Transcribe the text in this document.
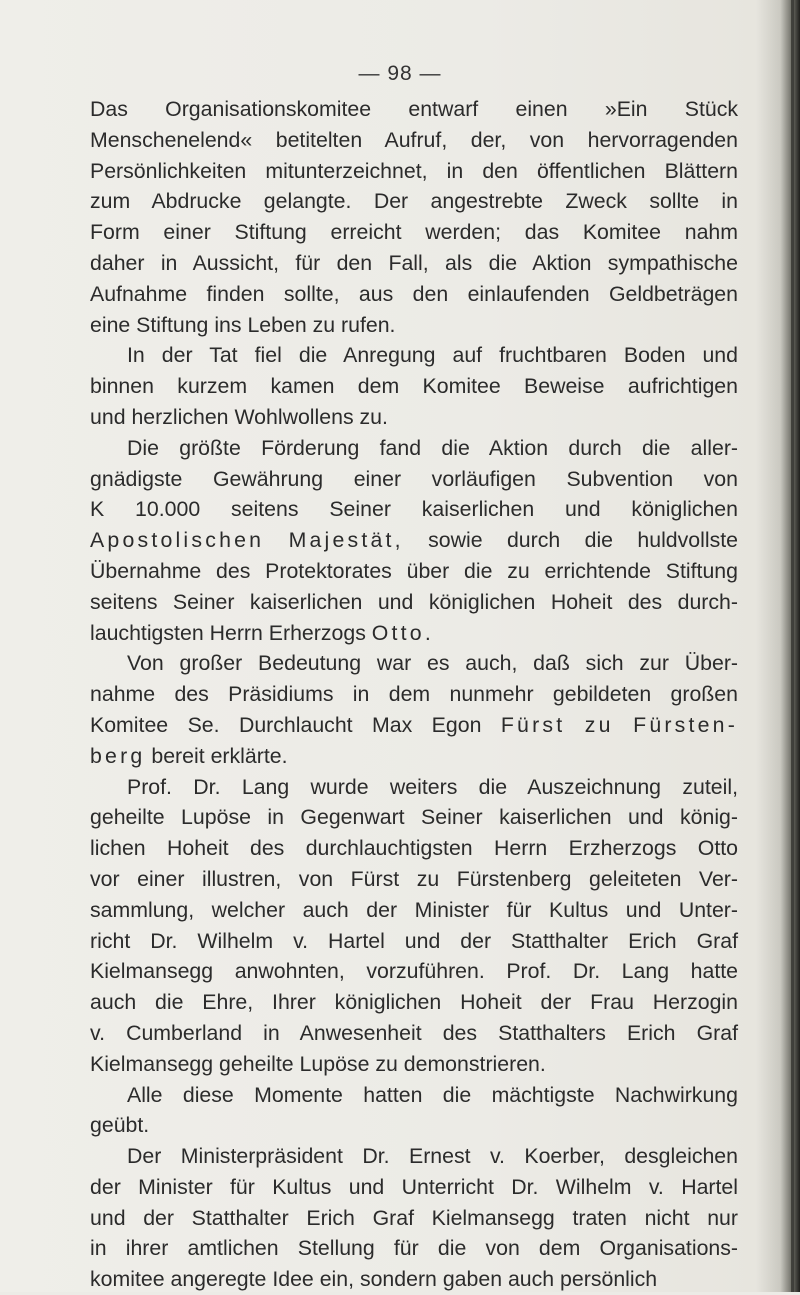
— 98 —
Das Organisationskomitee entwarf einen »Ein Stück
Menschenelend« betitelten Aufruf, der, von hervorragenden
Persönlichkeiten mitunterzeichnet, in den öffentlichen Blättern
zum Abdrucke gelangte. Der angestrebte Zweck sollte in
Form einer Stiftung erreicht werden; das Komitee nahm
daher in Aussicht, für den Fall, als die Aktion sympathische
Aufnahme finden sollte, aus den einlaufenden Geldbeträgen
eine Stiftung ins Leben zu rufen.
In der Tat fiel die Anregung auf fruchtbaren Boden und
binnen kurzem kamen dem Komitee Beweise aufrichtigen
und herzlichen Wohlwollens zu.
Die größte Förderung fand die Aktion durch die aller-
gnädigste Gewährung einer vorläufigen Subvention von
K 10.000 seitens Seiner kaiserlichen und königlichen
Apostolischen Majestät, sowie durch die huldvollste
Übernahme des Protektorates über die zu errichtende Stiftung
seitens Seiner kaiserlichen und königlichen Hoheit des durch-
lauchtigsten Herrn Erherzogs Otto.
Von großer Bedeutung war es auch, daß sich zur Über-
nahme des Präsidiums in dem nunmehr gebildeten großen
Komitee Se. Durchlaucht Max Egon Fürst zu Fürsten-
berg bereit erklärte.
Prof. Dr. Lang wurde weiters die Auszeichnung zuteil,
geheilte Lupöse in Gegenwart Seiner kaiserlichen und könig-
lichen Hoheit des durchlauchtigsten Herrn Erzherzogs Otto
vor einer illustren, von Fürst zu Fürstenberg geleiteten Ver-
sammlung, welcher auch der Minister für Kultus und Unter-
richt Dr. Wilhelm v. Hartel und der Statthalter Erich Graf
Kielmansegg anwohnten, vorzuführen. Prof. Dr. Lang hatte
auch die Ehre, Ihrer königlichen Hoheit der Frau Herzogin
v. Cumberland in Anwesenheit des Statthalters Erich Graf
Kielmansegg geheilte Lupöse zu demonstrieren.
Alle diese Momente hatten die mächtigste Nachwirkung
geübt.
Der Ministerpräsident Dr. Ernest v. Koerber, desgleichen
der Minister für Kultus und Unterricht Dr. Wilhelm v. Hartel
und der Statthalter Erich Graf Kielmansegg traten nicht nur
in ihrer amtlichen Stellung für die von dem Organisations-
komitee angeregte Idee ein, sondern gaben auch persönlich
